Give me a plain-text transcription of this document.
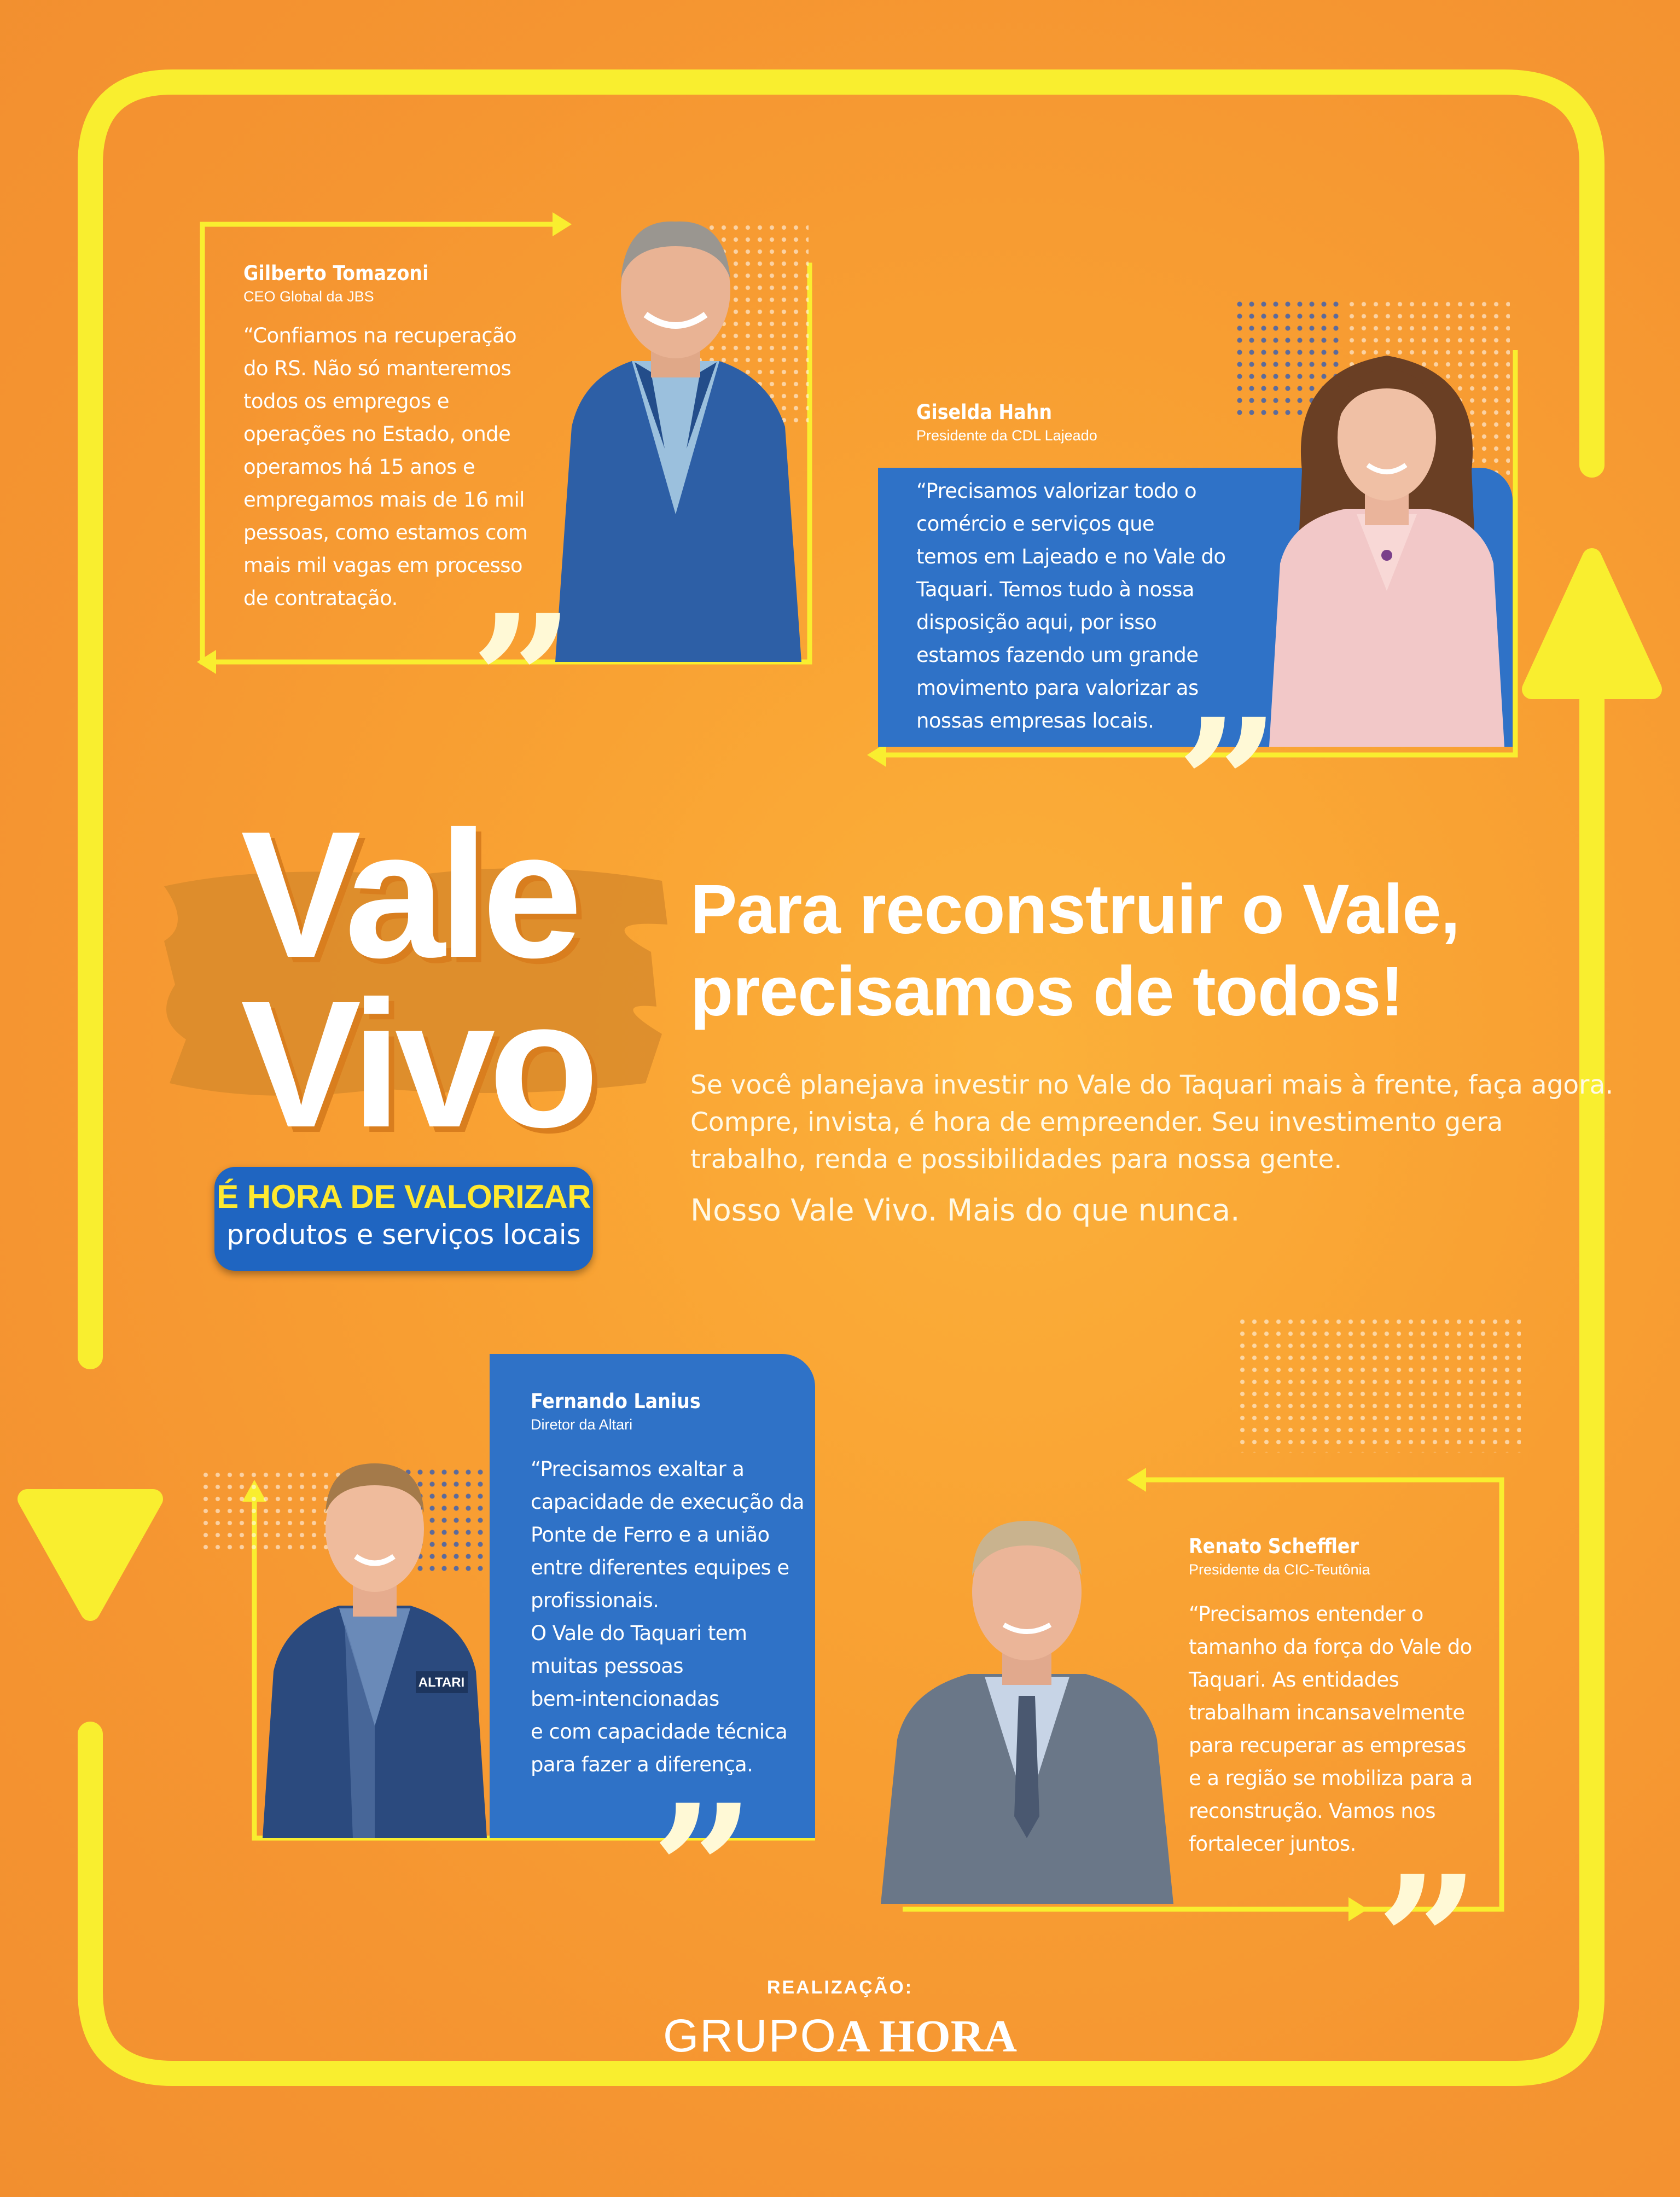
Gilberto Tomazoni
CEO Global da JBS
“Confiamos na recuperação
do RS. Não só manteremos
todos os empregos e
operações no Estado, onde
operamos há 15 anos e
empregamos mais de 16 mil
pessoas, como estamos com
mais mil vagas em processo
de contratação. ”
Giselda Hahn
Presidente da CDL Lajeado
“Precisamos valorizar todo o
comércio e serviços que
temos em Lajeado e no Vale do
Taquari. Temos tudo à nossa
disposição aqui, por isso
estamos fazendo um grande
movimento para valorizar as
nossas empresas locais. ”
Vale
Vivo
É HORA DE VALORIZAR
produtos e serviços locais
Para reconstruir o Vale,
precisamos de todos!

Se você planejava investir no Vale do Taquari mais à frente, faça agora.

Compre, invista, é hora de empreender. Seu investimento gera

trabalho, renda e possibilidades para nossa gente.

Nosso Vale Vivo. Mais do que nunca.
ALTARI
Fernando Lanius
Diretor da Altari
“Precisamos exaltar a
capacidade de execução da
Ponte de Ferro e a união
entre diferentes equipes e
profissionais.
O Vale do Taquari tem
muitas pessoas
bem-intencionadas
e com capacidade técnica
para fazer a diferença.
”
Renato Scheffler
Presidente da CIC-Teutônia
“Precisamos entender o
tamanho da força do Vale do
Taquari. As entidades
trabalham incansavelmente
para recuperar as empresas
e a região se mobiliza para a
reconstrução. Vamos nos
fortalecer juntos. ”
REALIZAÇÃO:
GRUPOA HORA
